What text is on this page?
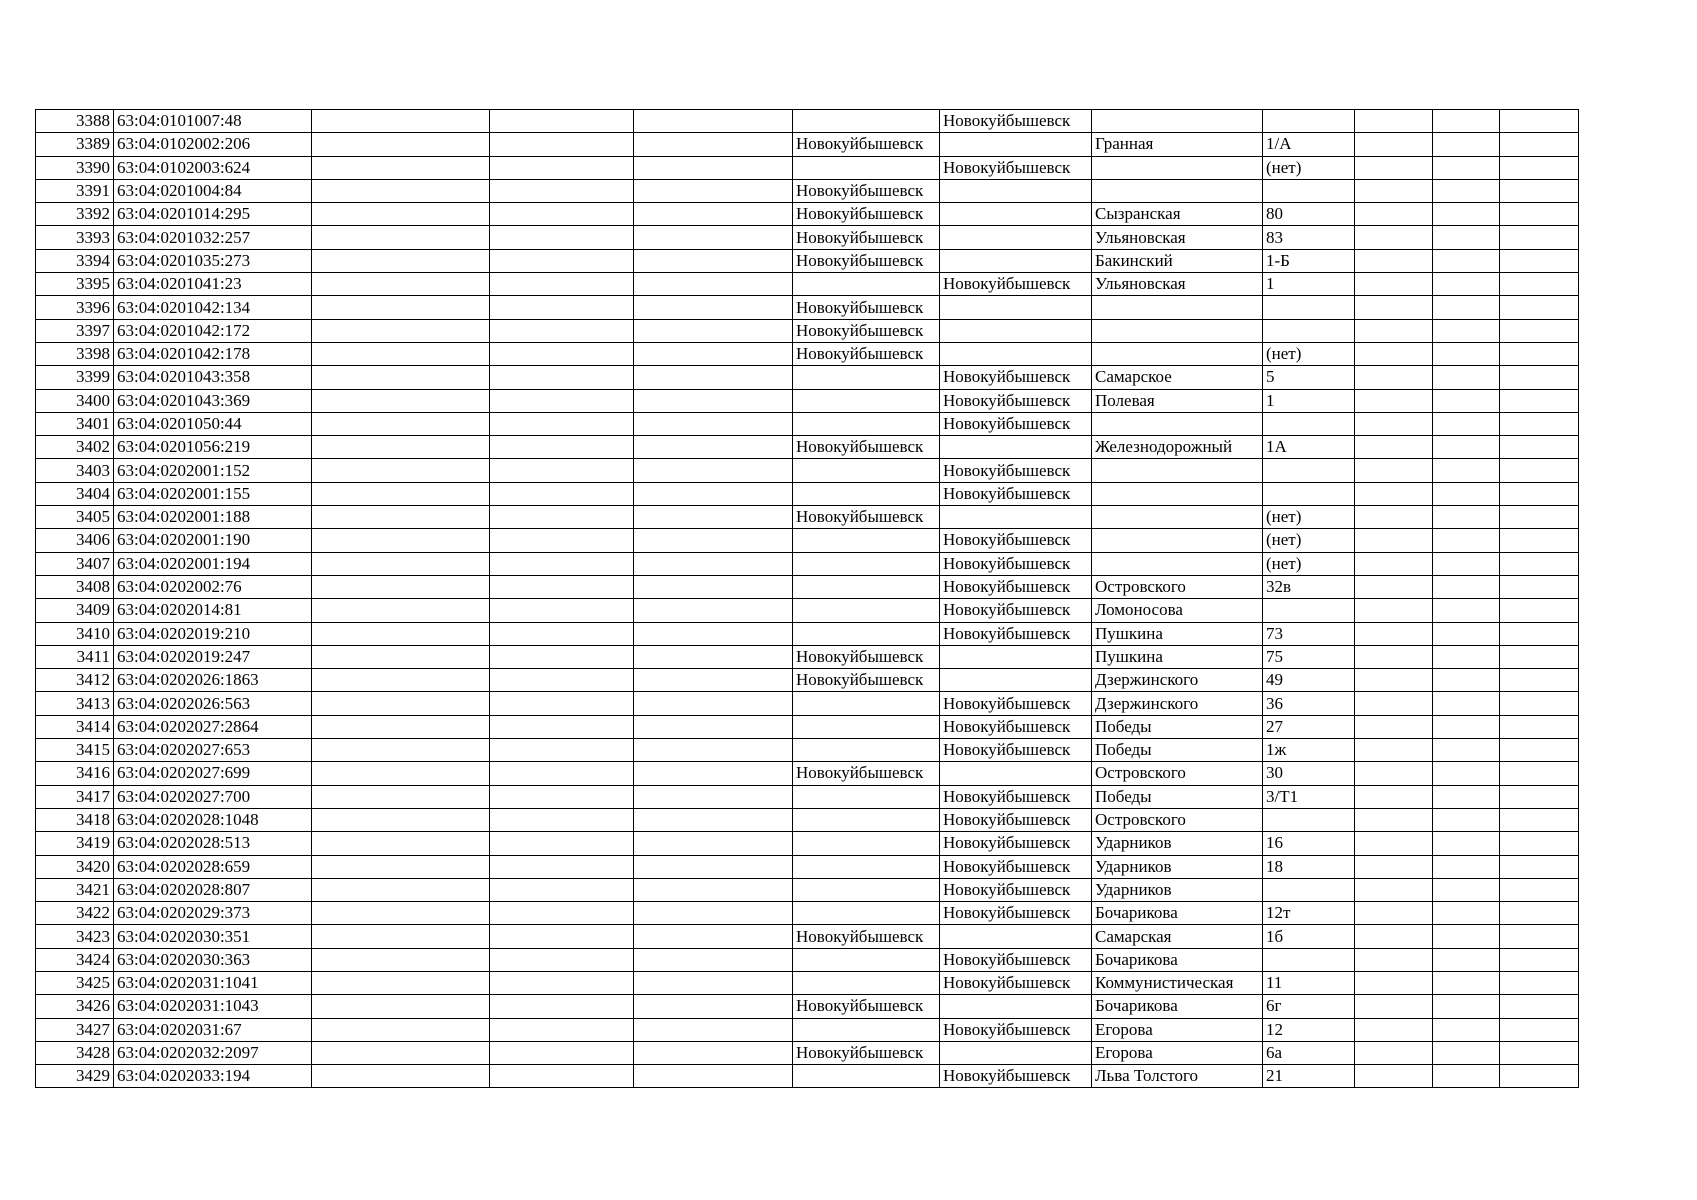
3388	63:04:0101007:48					Новокуйбышевск					
3389	63:04:0102002:206				Новокуйбышевск		Гранная	1/А			
3390	63:04:0102003:624					Новокуйбышевск		(нет)			
3391	63:04:0201004:84				Новокуйбышевск						
3392	63:04:0201014:295				Новокуйбышевск		Сызранская	80			
3393	63:04:0201032:257				Новокуйбышевск		Ульяновская	83			
3394	63:04:0201035:273				Новокуйбышевск		Бакинский	1-Б			
3395	63:04:0201041:23					Новокуйбышевск	Ульяновская	1			
3396	63:04:0201042:134				Новокуйбышевск						
3397	63:04:0201042:172				Новокуйбышевск						
3398	63:04:0201042:178				Новокуйбышевск			(нет)			
3399	63:04:0201043:358					Новокуйбышевск	Самарское	5			
3400	63:04:0201043:369					Новокуйбышевск	Полевая	1			
3401	63:04:0201050:44					Новокуйбышевск					
3402	63:04:0201056:219				Новокуйбышевск		Железнодорожный	1А			
3403	63:04:0202001:152					Новокуйбышевск					
3404	63:04:0202001:155					Новокуйбышевск					
3405	63:04:0202001:188				Новокуйбышевск			(нет)			
3406	63:04:0202001:190					Новокуйбышевск		(нет)			
3407	63:04:0202001:194					Новокуйбышевск		(нет)			
3408	63:04:0202002:76					Новокуйбышевск	Островского	32в			
3409	63:04:0202014:81					Новокуйбышевск	Ломоносова				
3410	63:04:0202019:210					Новокуйбышевск	Пушкина	73			
3411	63:04:0202019:247				Новокуйбышевск		Пушкина	75			
3412	63:04:0202026:1863				Новокуйбышевск		Дзержинского	49			
3413	63:04:0202026:563					Новокуйбышевск	Дзержинского	36			
3414	63:04:0202027:2864					Новокуйбышевск	Победы	27			
3415	63:04:0202027:653					Новокуйбышевск	Победы	1ж			
3416	63:04:0202027:699				Новокуйбышевск		Островского	30			
3417	63:04:0202027:700					Новокуйбышевск	Победы	3/Т1			
3418	63:04:0202028:1048					Новокуйбышевск	Островского				
3419	63:04:0202028:513					Новокуйбышевск	Ударников	16			
3420	63:04:0202028:659					Новокуйбышевск	Ударников	18			
3421	63:04:0202028:807					Новокуйбышевск	Ударников				
3422	63:04:0202029:373					Новокуйбышевск	Бочарикова	12т			
3423	63:04:0202030:351				Новокуйбышевск		Самарская	1б			
3424	63:04:0202030:363					Новокуйбышевск	Бочарикова				
3425	63:04:0202031:1041					Новокуйбышевск	Коммунистическая	11			
3426	63:04:0202031:1043				Новокуйбышевск		Бочарикова	6г			
3427	63:04:0202031:67					Новокуйбышевск	Егорова	12			
3428	63:04:0202032:2097				Новокуйбышевск		Егорова	6а			
3429	63:04:0202033:194					Новокуйбышевск	Льва Толстого	21			
